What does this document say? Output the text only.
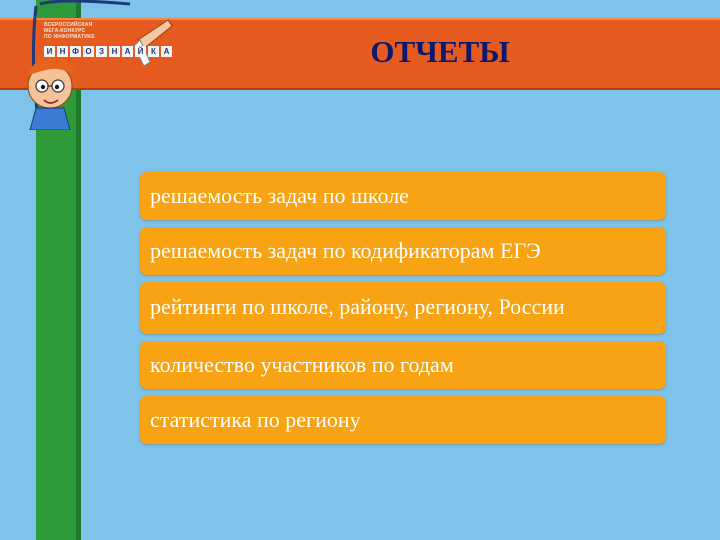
ОТЧЕТЫ
ВСЕРОССИЙСКАЯ
МЕГА-КОНКУРС
ПО ИНФОРМАТИКЕ
И Н Ф О З Н А Й К А
решаемость задач по школе
решаемость задач по кодификаторам ЕГЭ
рейтинги по школе, району, региону, России
количество участников по годам
статистика по региону
